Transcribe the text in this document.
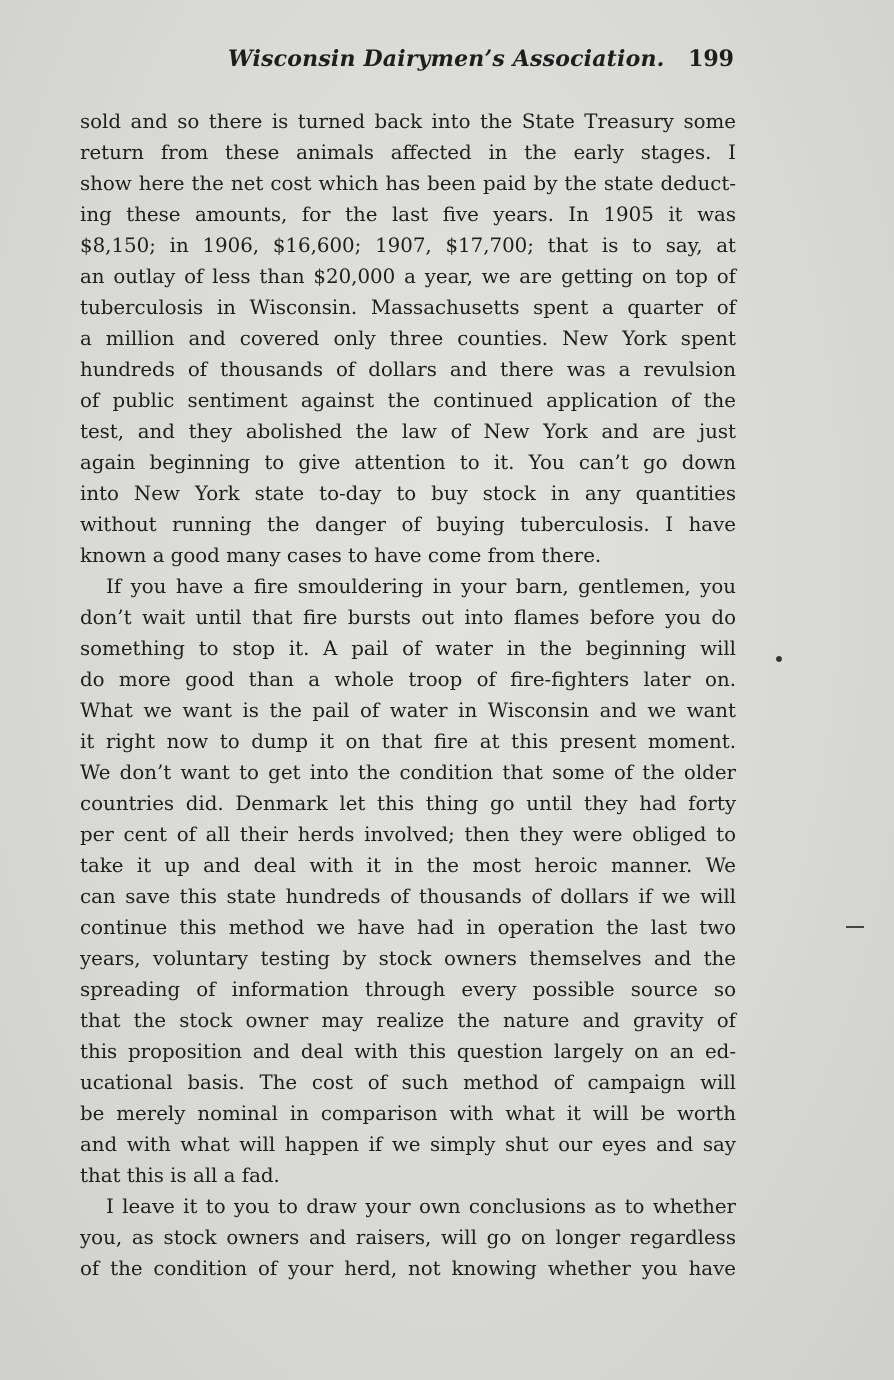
Wisconsin Dairymen’s Association. 199
sold and so there is turned back into the State Treasury some
return from these animals affected in the early stages. I
show here the net cost which has been paid by the state deduct-
ing these amounts, for the last five years. In 1905 it was
$8,150; in 1906, $16,600; 1907, $17,700; that is to say, at
an outlay of less than $20,000 a year, we are getting on top of
tuberculosis in Wisconsin. Massachusetts spent a quarter of
a million and covered only three counties. New York spent
hundreds of thousands of dollars and there was a revulsion
of public sentiment against the continued application of the
test, and they abolished the law of New York and are just
again beginning to give attention to it. You can’t go down
into New York state to-day to buy stock in any quantities
without running the danger of buying tuberculosis. I have
known a good many cases to have come from there.
If you have a fire smouldering in your barn, gentlemen, you
don’t wait until that fire bursts out into flames before you do
something to stop it. A pail of water in the beginning will
do more good than a whole troop of fire-fighters later on.
What we want is the pail of water in Wisconsin and we want
it right now to dump it on that fire at this present moment.
We don’t want to get into the condition that some of the older
countries did. Denmark let this thing go until they had forty
per cent of all their herds involved; then they were obliged to
take it up and deal with it in the most heroic manner. We
can save this state hundreds of thousands of dollars if we will
continue this method we have had in operation the last two
years, voluntary testing by stock owners themselves and the
spreading of information through every possible source so
that the stock owner may realize the nature and gravity of
this proposition and deal with this question largely on an ed-
ucational basis. The cost of such method of campaign will
be merely nominal in comparison with what it will be worth
and with what will happen if we simply shut our eyes and say
that this is all a fad.
I leave it to you to draw your own conclusions as to whether
you, as stock owners and raisers, will go on longer regardless
of the condition of your herd, not knowing whether you have
